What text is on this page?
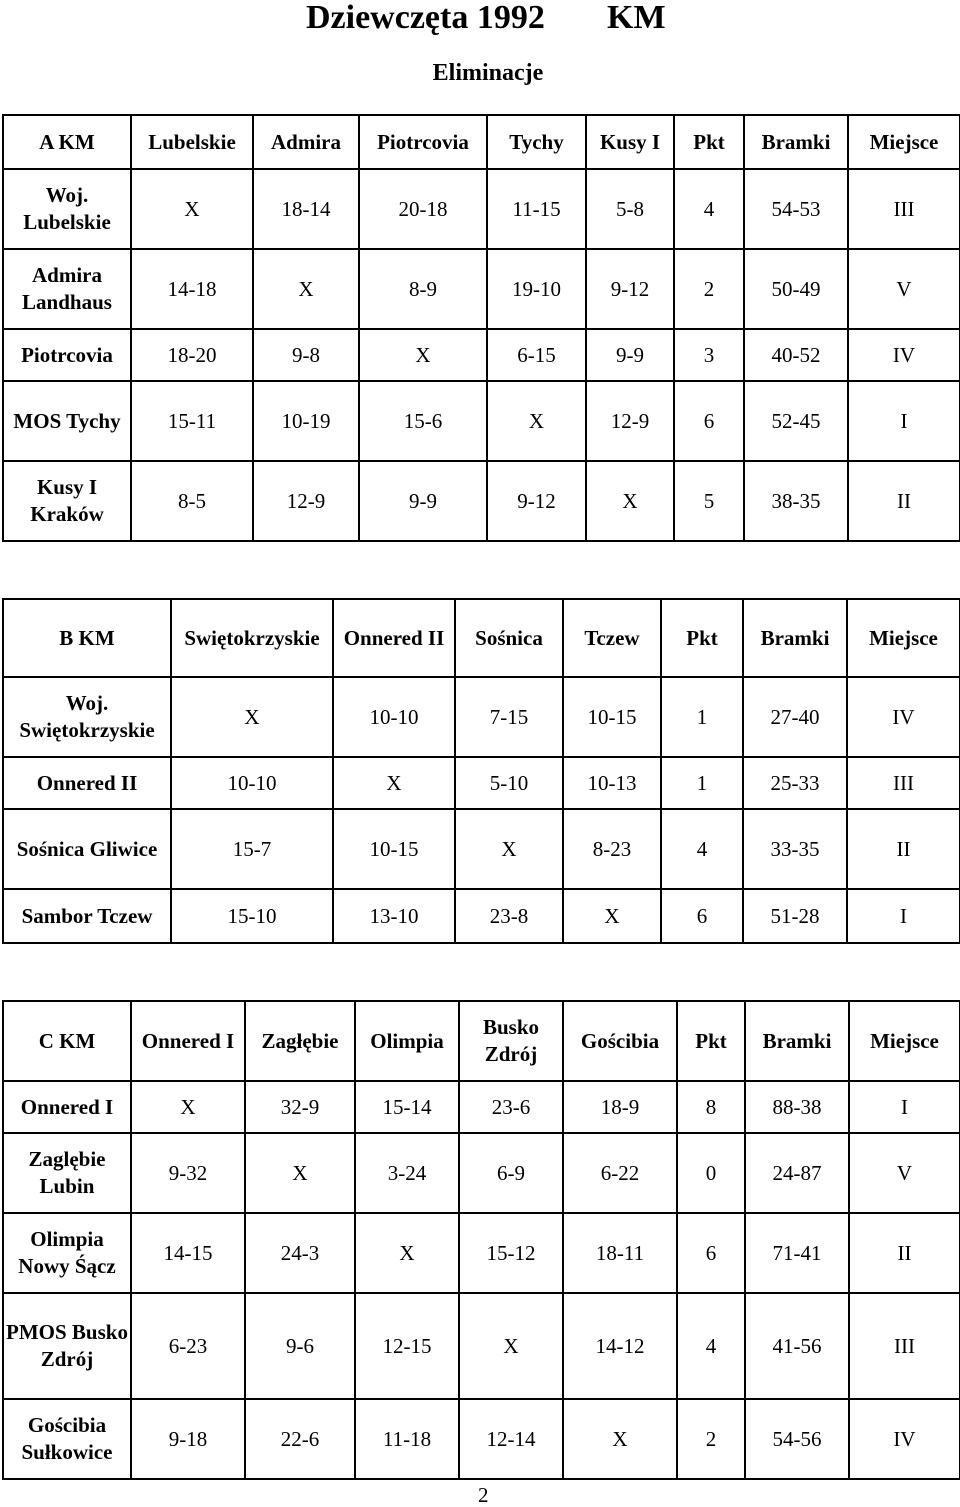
Dziewczęta 1992 KM
Eliminacje
A KM	Lubelskie	Admira	Piotrcovia	Tychy	Kusy I	Pkt	Bramki	Miejsce
Woj. Lubelskie	X	18-14	20-18	11-15	5-8	4	54-53	III
Admira Landhaus	14-18	X	8-9	19-10	9-12	2	50-49	V
Piotrcovia	18-20	9-8	X	6-15	9-9	3	40-52	IV
MOS Tychy	15-11	10-19	15-6	X	12-9	6	52-45	I
Kusy I Kraków	8-5	12-9	9-9	9-12	X	5	38-35	II
B KM	Swiętokrzyskie	Onnered II	Sośnica	Tczew	Pkt	Bramki	Miejsce
Woj. Swiętokrzyskie	X	10-10	7-15	10-15	1	27-40	IV
Onnered II	10-10	X	5-10	10-13	1	25-33	III
Sośnica Gliwice	15-7	10-15	X	8-23	4	33-35	II
Sambor Tczew	15-10	13-10	23-8	X	6	51-28	I
C KM	Onnered I	Zagłębie	Olimpia	Busko Zdrój	Gościbia	Pkt	Bramki	Miejsce
Onnered I	X	32-9	15-14	23-6	18-9	8	88-38	I
Zaglębie Lubin	9-32	X	3-24	6-9	6-22	0	24-87	V
Olimpia Nowy Śącz	14-15	24-3	X	15-12	18-11	6	71-41	II
PMOS Busko Zdrój	6-23	9-6	12-15	X	14-12	4	41-56	III
Gościbia Sułkowice	9-18	22-6	11-18	12-14	X	2	54-56	IV
2
